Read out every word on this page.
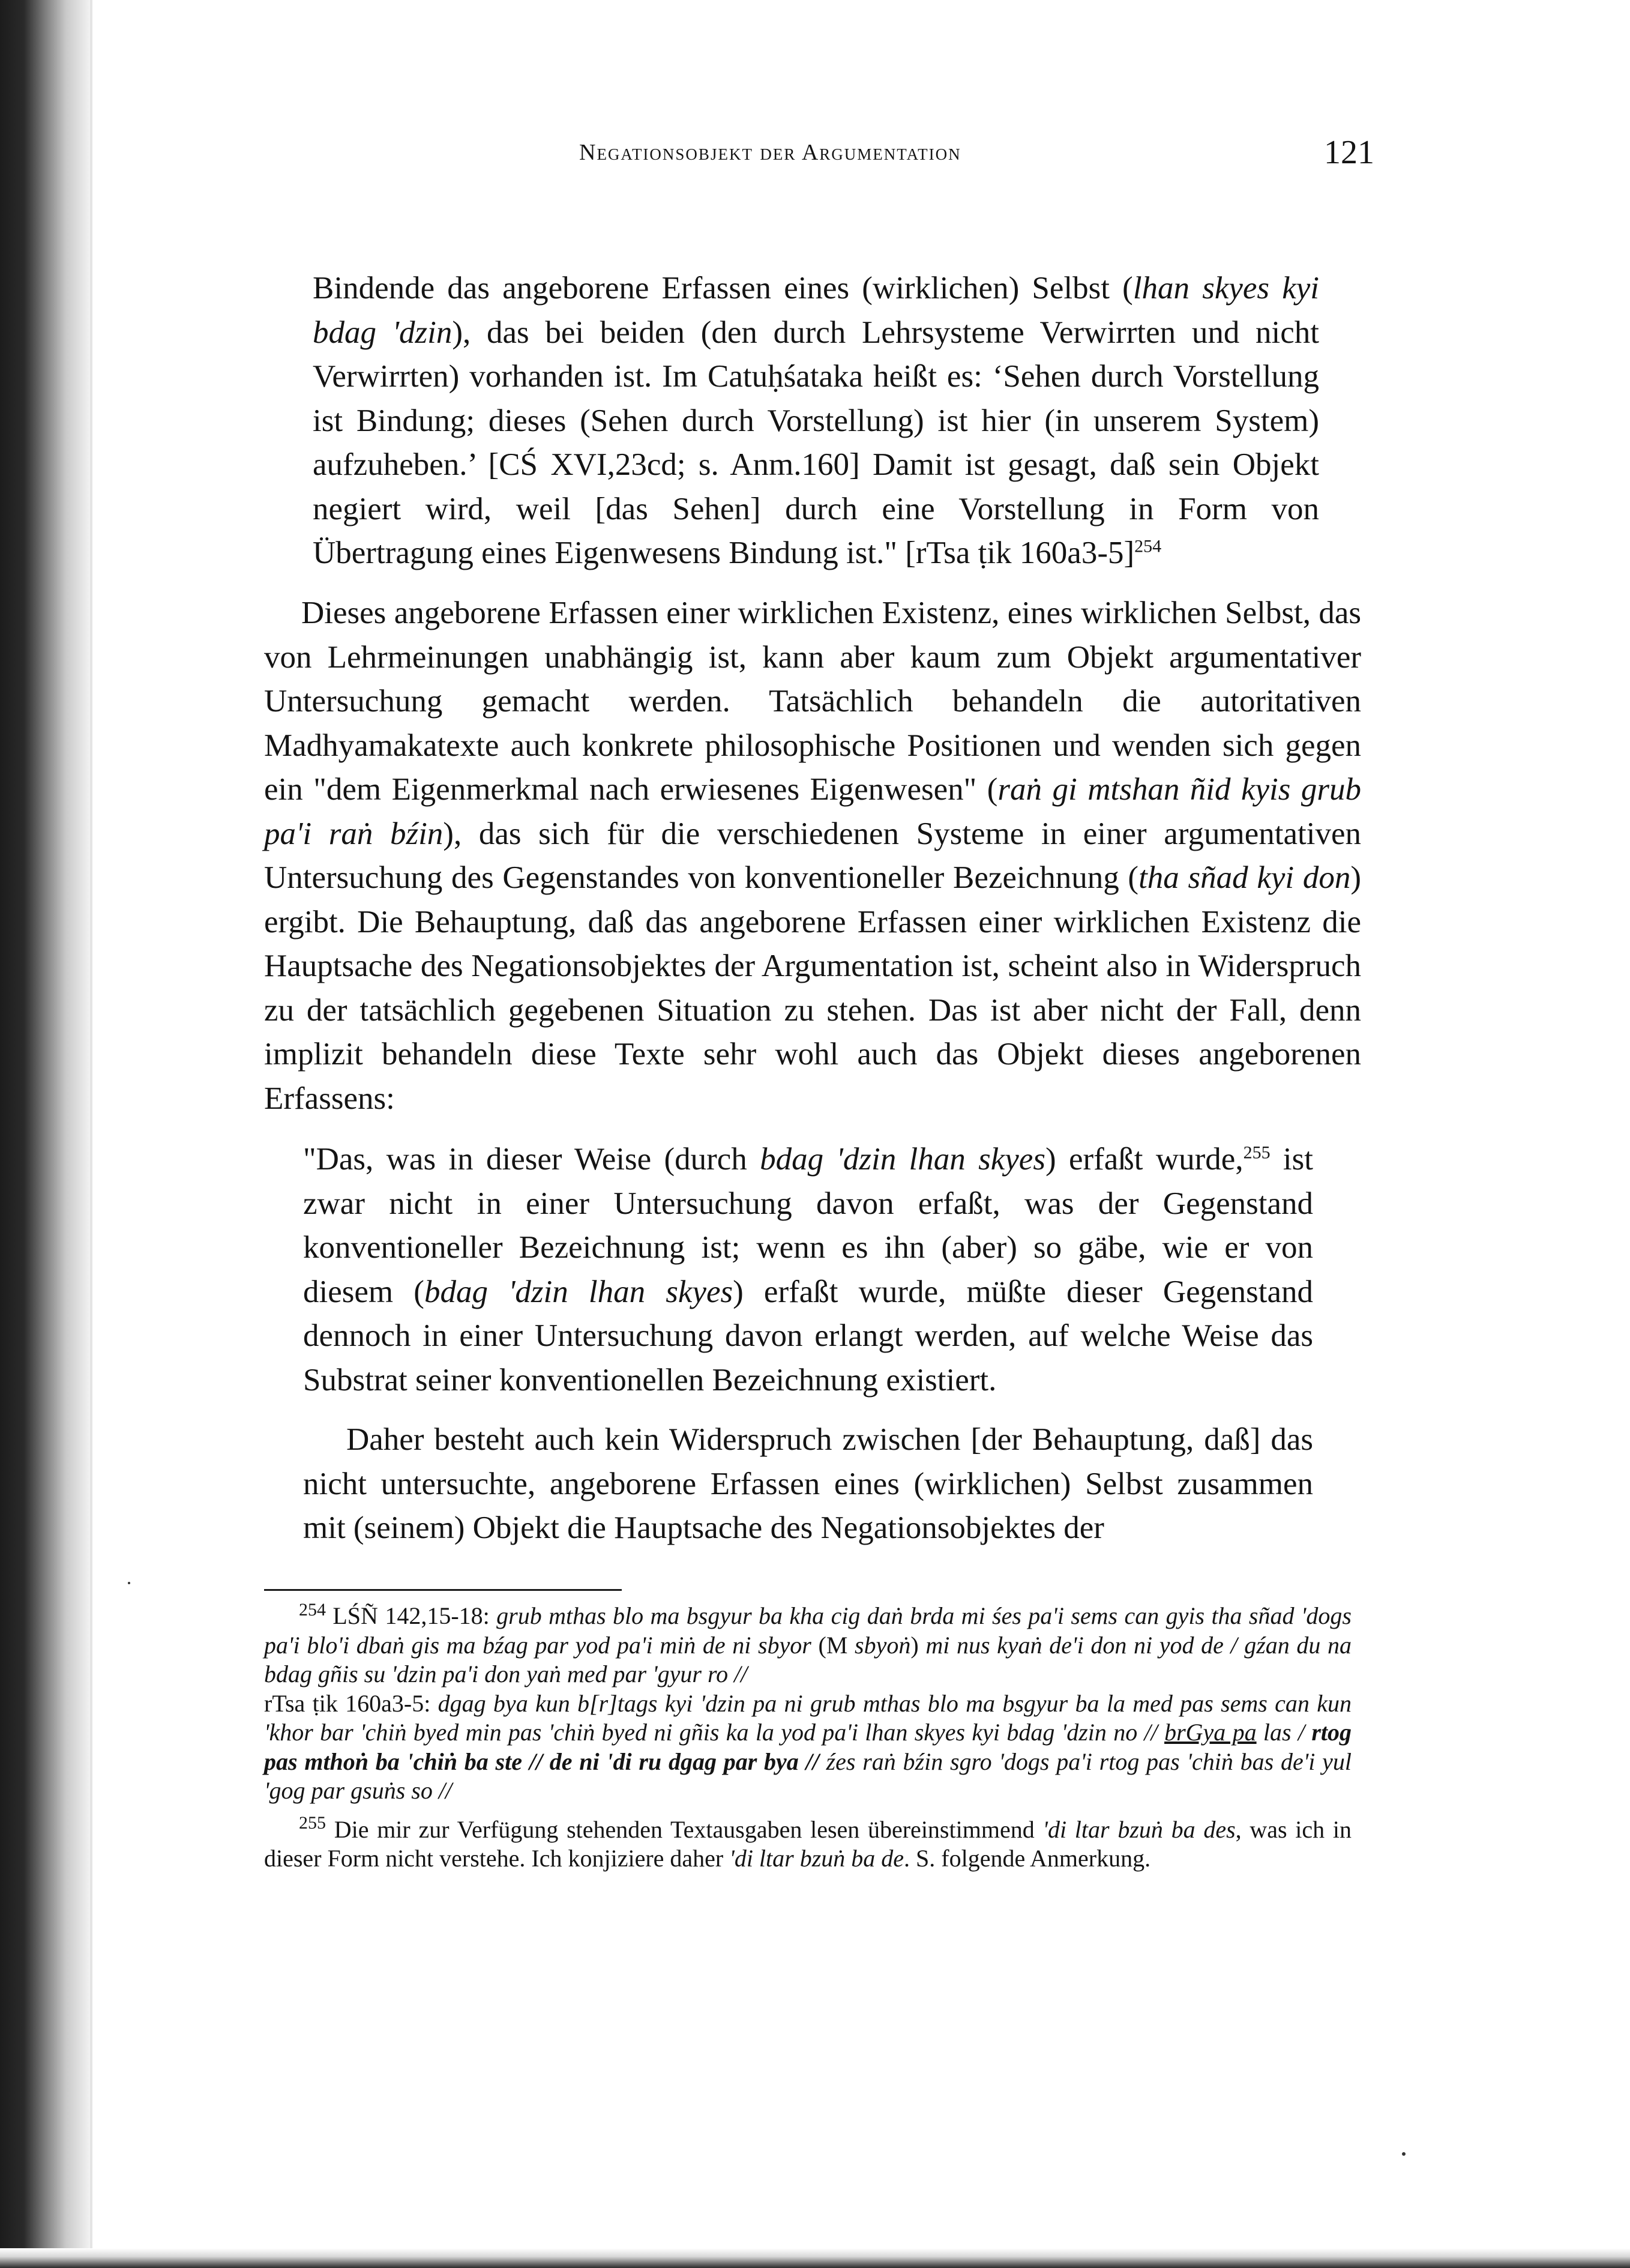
Negationsobjekt der Argumentation	121

Bindende das angeborene Erfassen eines (wirklichen) Selbst (lhan skyes kyi bdag 'dzin), das bei beiden (den durch Lehrsysteme Verwirrten und nicht Verwirrten) vorhanden ist. Im Catuḥśataka heißt es: ‘Sehen durch Vorstellung ist Bindung; dieses (Sehen durch Vorstellung) ist hier (in unserem System) aufzuheben.’ [CŚ XVI,23cd; s. Anm.160] Damit ist gesagt, daß sein Objekt negiert wird, weil [das Sehen] durch eine Vorstellung in Form von Übertragung eines Eigenwesens Bindung ist." [rTsa ṭik 160a3-5]$^{254}$

Dieses angeborene Erfassen einer wirklichen Existenz, eines wirklichen Selbst, das von Lehrmeinungen unabhängig ist, kann aber kaum zum Objekt argumentativer Untersuchung gemacht werden. Tatsächlich behandeln die autoritativen Madhyamakatexte auch konkrete philosophische Positionen und wenden sich gegen ein "dem Eigenmerkmal nach erwiesenes Eigenwesen" (raṅ gi mtshan ñid kyis grub pa'i raṅ bźin), das sich für die verschiedenen Systeme in einer argumentativen Untersuchung des Gegenstandes von konventioneller Bezeichnung (tha sñad kyi don) ergibt. Die Behauptung, daß das angeborene Erfassen einer wirklichen Existenz die Hauptsache des Negationsobjektes der Argumentation ist, scheint also in Widerspruch zu der tatsächlich gegebenen Situation zu stehen. Das ist aber nicht der Fall, denn implizit behandeln diese Texte sehr wohl auch das Objekt dieses angeborenen Erfassens:

"Das, was in dieser Weise (durch bdag 'dzin lhan skyes) erfaßt wurde,$^{255}$ ist zwar nicht in einer Untersuchung davon erfaßt, was der Gegenstand konventioneller Bezeichnung ist; wenn es ihn (aber) so gäbe, wie er von diesem (bdag 'dzin lhan skyes) erfaßt wurde, müßte dieser Gegenstand dennoch in einer Untersuchung davon erlangt werden, auf welche Weise das Substrat seiner konventionellen Bezeichnung existiert.

Daher besteht auch kein Widerspruch zwischen [der Behauptung, daß] das nicht untersuchte, angeborene Erfassen eines (wirklichen) Selbst zusammen mit (seinem) Objekt die Hauptsache des Negationsobjektes der

$^{254}$ LŚÑ 142,15-18: grub mthas blo ma bsgyur ba kha cig daṅ brda mi śes pa'i sems can gyis tha sñad 'dogs pa'i blo'i dbaṅ gis ma bźag par yod pa'i miṅ de ni sbyor (M sbyoṅ) mi nus kyaṅ de'i don ni yod de / gźan du na bdag gñis su 'dzin pa'i don yaṅ med par 'gyur ro //

rTsa ṭik 160a3-5: dgag bya kun b[r]tags kyi 'dzin pa ni grub mthas blo ma bsgyur ba la med pas sems can kun 'khor bar 'chiṅ byed min pas 'chiṅ byed ni gñis ka la yod pa'i lhan skyes kyi bdag 'dzin no // brGya pa las / rtog pas mthoṅ ba 'chiṅ ba ste // de ni 'di ru dgag par bya // źes raṅ bźin sgro 'dogs pa'i rtog pas 'chiṅ bas de'i yul 'gog par gsuṅs so //

$^{255}$ Die mir zur Verfügung stehenden Textausgaben lesen übereinstimmend 'di ltar bzuṅ ba des, was ich in dieser Form nicht verstehe. Ich konjiziere daher 'di ltar bzuṅ ba de. S. folgende Anmerkung.
